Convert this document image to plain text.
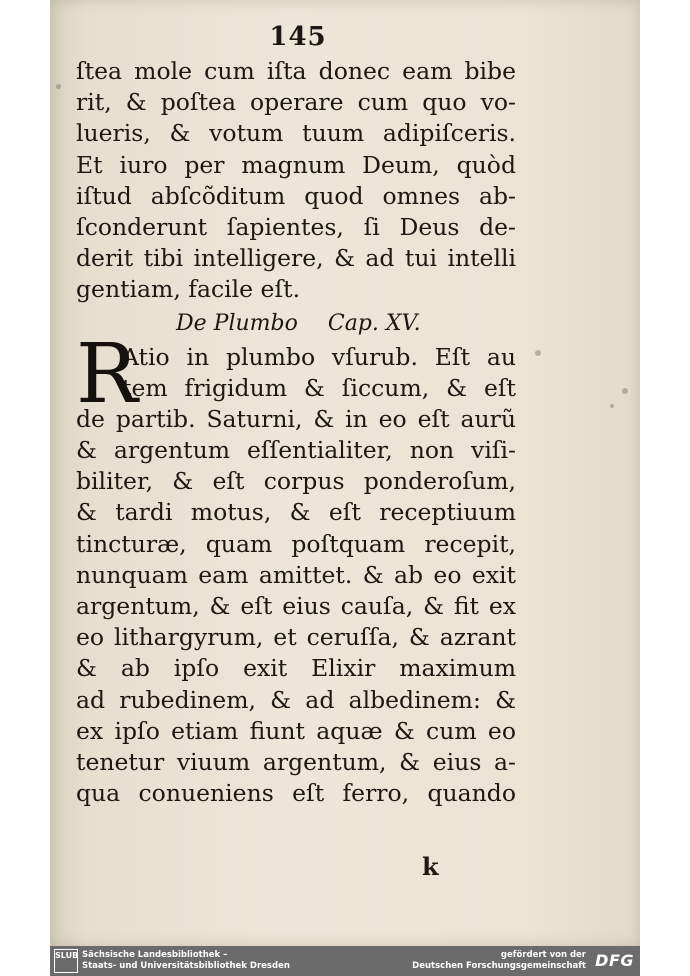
145
ſtea mole cum iſta donec eam bibe
rit, & poſtea operare cum quo vo-
lueris, & votum tuum adipiſceris.
Et iuro per magnum Deum, quòd
iſtud abſcõditum quod omnes ab-
ſconderunt ſapientes, ſi Deus de-
derit tibi intelligere, & ad tui intelli
gentiam, facile eſt.
De Plumbo Cap. XV.
R
Atio in plumbo vſurub. Eſt au
tem frigidum & ſiccum, & eſt
de partib. Saturni, & in eo eſt aurũ
& argentum eſſentialiter, non viſi-
biliter, & eſt corpus ponderoſum,
& tardi motus, & eſt receptiuum
tincturæ, quam poſtquam recepit,
nunquam eam amittet. & ab eo exit
argentum, & eſt eius cauſa, & fit ex
eo lithargyrum, et ceruſſa, & azrant
& ab ipſo exit Elixir maximum
ad rubedinem, & ad albedinem: &
ex ipſo etiam fiunt aquæ & cum eo
tenetur viuum argentum, & eius a-
qua conueniens eſt ferro, quando
k
SLUB Sächsische Landesbibliothek –
Staats- und Universitätsbibliothek Dresden
gefördert von der
Deutschen Forschungsgemeinschaft DFG
